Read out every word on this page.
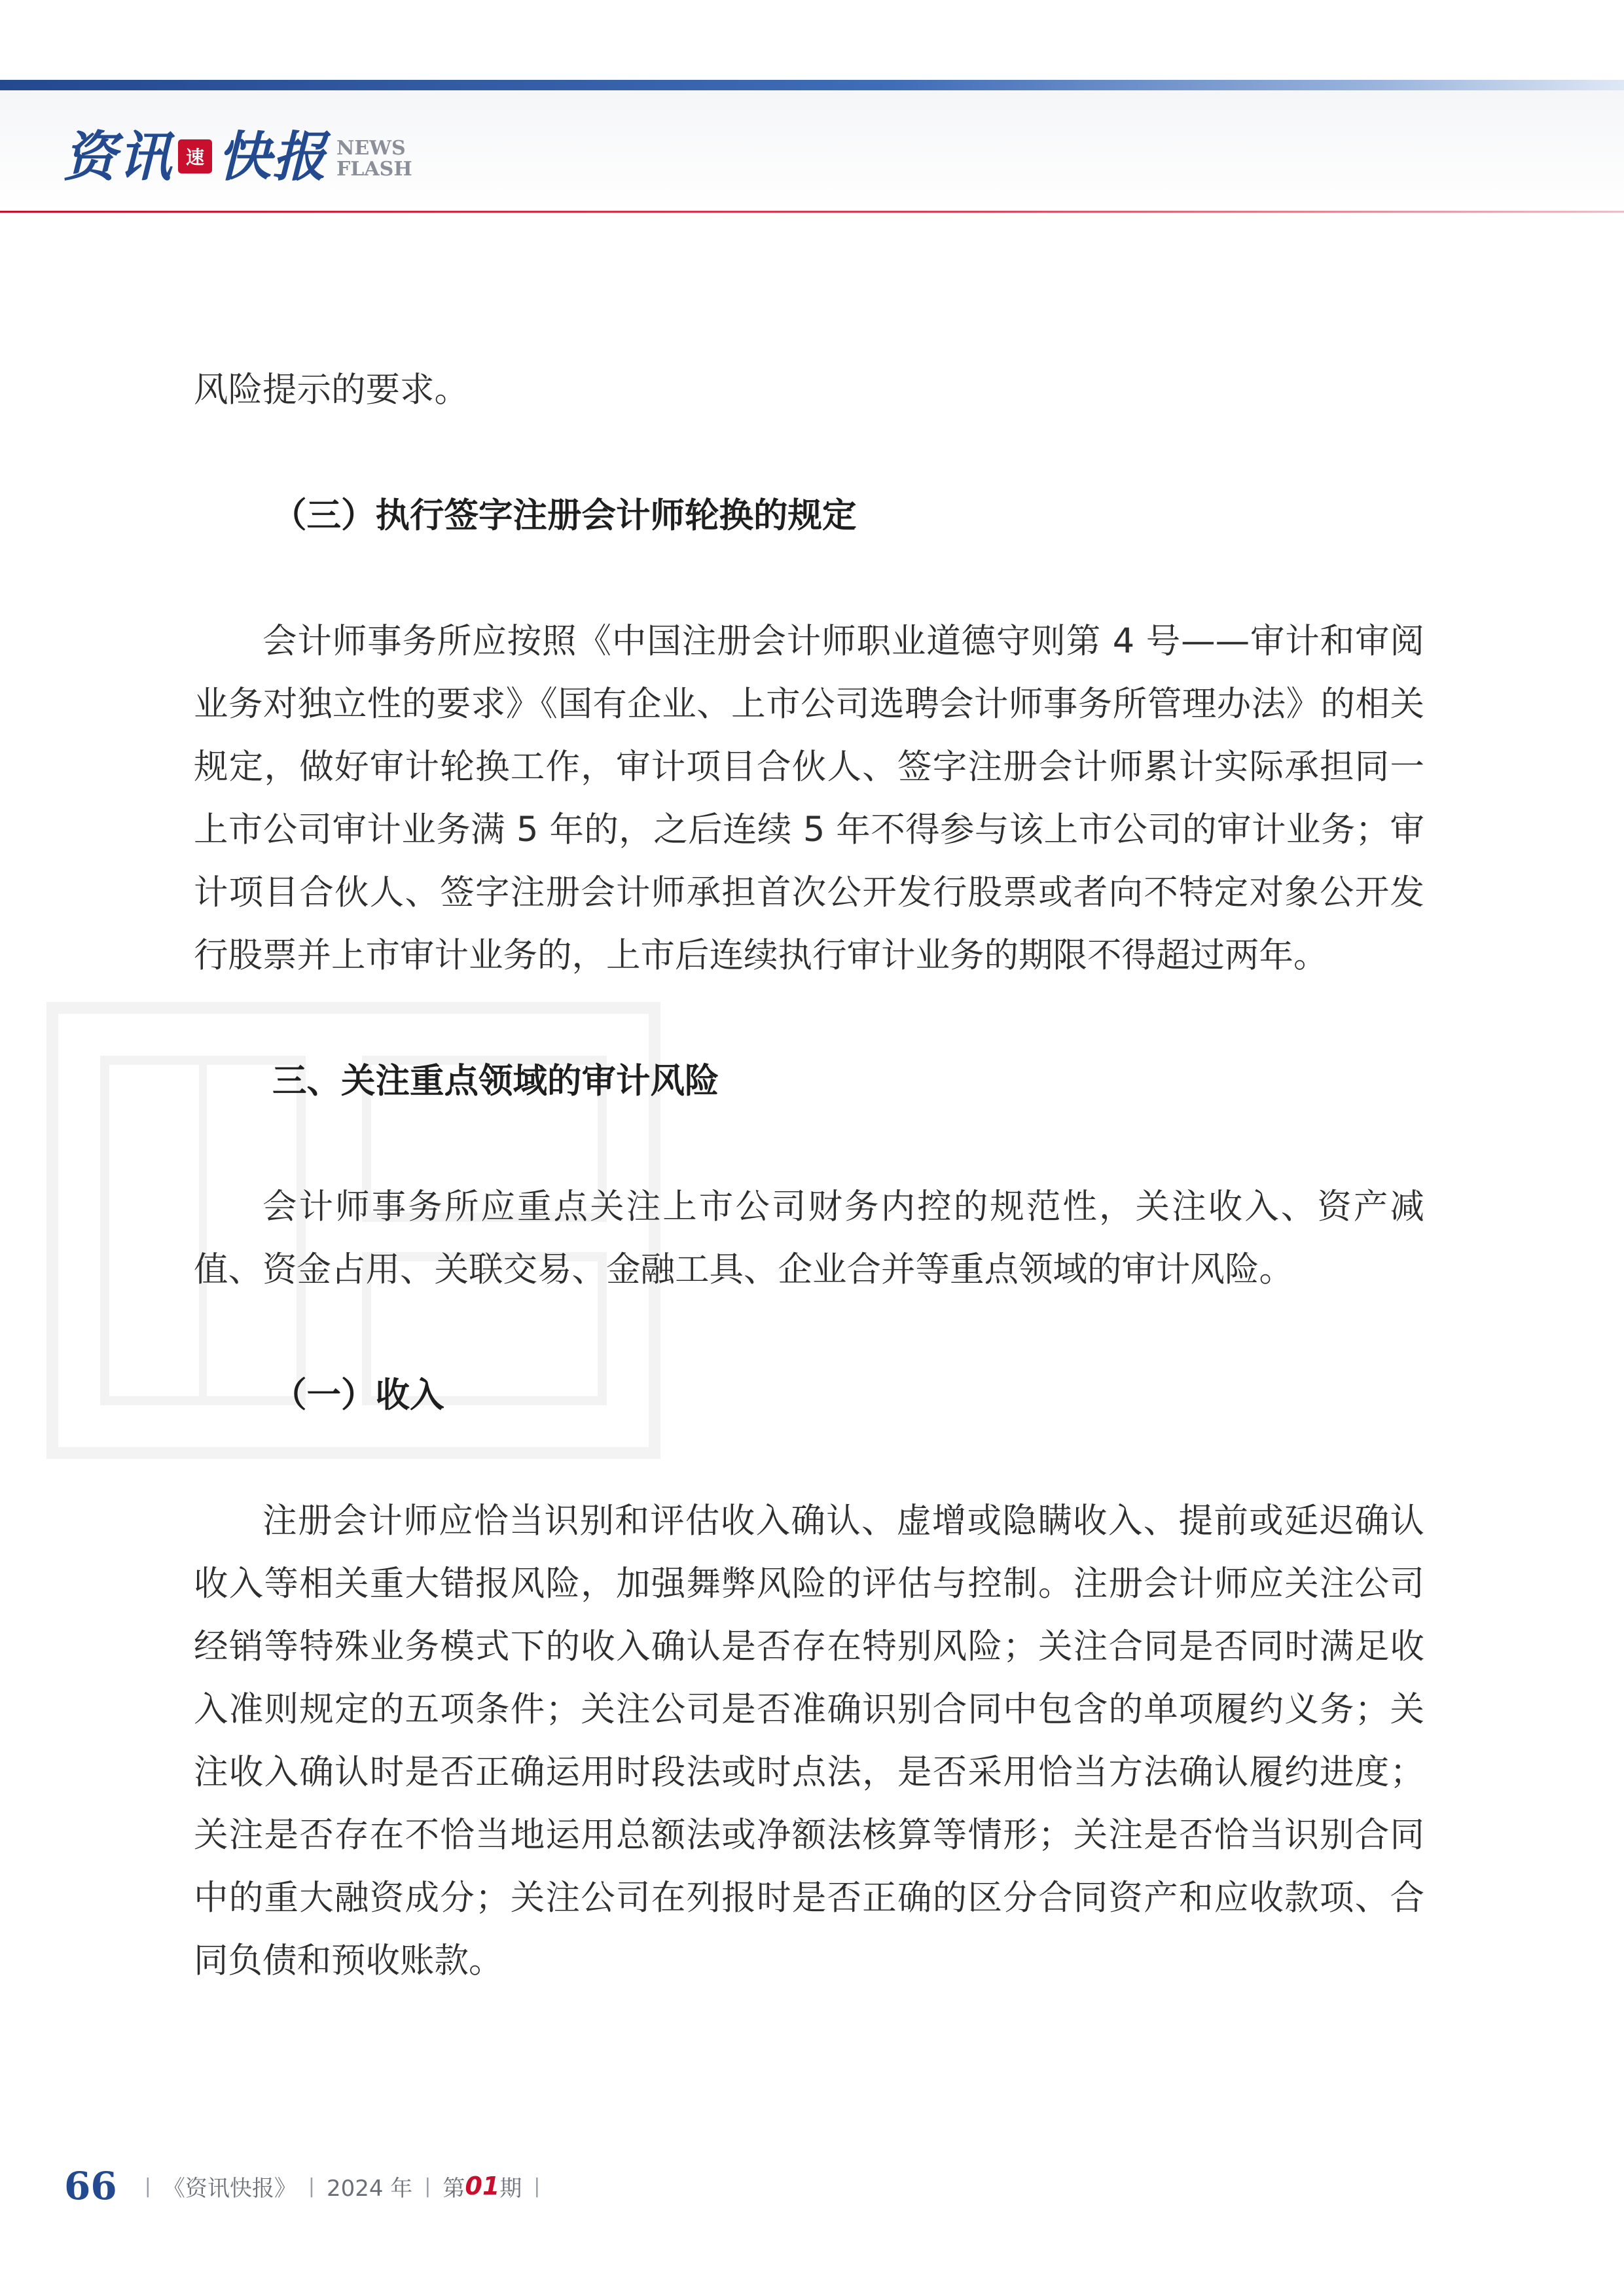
资讯 速 快报 NEWS
FLASH

风险提示的要求。

（三）执行签字注册会计师轮换的规定

会计师事务所应按照《中国注册会计师职业道德守则第 4 号——审计和审阅业务对独立性的要求》《国有企业、上市公司选聘会计师事务所管理办法》的相关规定，做好审计轮换工作，审计项目合伙人、签字注册会计师累计实际承担同一上市公司审计业务满 5 年的，之后连续 5 年不得参与该上市公司的审计业务；审计项目合伙人、签字注册会计师承担首次公开发行股票或者向不特定对象公开发行股票并上市审计业务的，上市后连续执行审计业务的期限不得超过两年。

三、关注重点领域的审计风险

会计师事务所应重点关注上市公司财务内控的规范性，关注收入、资产减值、资金占用、关联交易、金融工具、企业合并等重点领域的审计风险。

（一）收入

注册会计师应恰当识别和评估收入确认、虚增或隐瞒收入、提前或延迟确认收入等相关重大错报风险，加强舞弊风险的评估与控制。注册会计师应关注公司经销等特殊业务模式下的收入确认是否存在特别风险；关注合同是否同时满足收入准则规定的五项条件；关注公司是否准确识别合同中包含的单项履约义务；关注收入确认时是否正确运用时段法或时点法，是否采用恰当方法确认履约进度；关注是否存在不恰当地运用总额法或净额法核算等情形；关注是否恰当识别合同中的重大融资成分；关注公司在列报时是否正确的区分合同资产和应收款项、合同负债和预收账款。

66 | 《资讯快报》 | 2024 年 | 第 01 期 |
